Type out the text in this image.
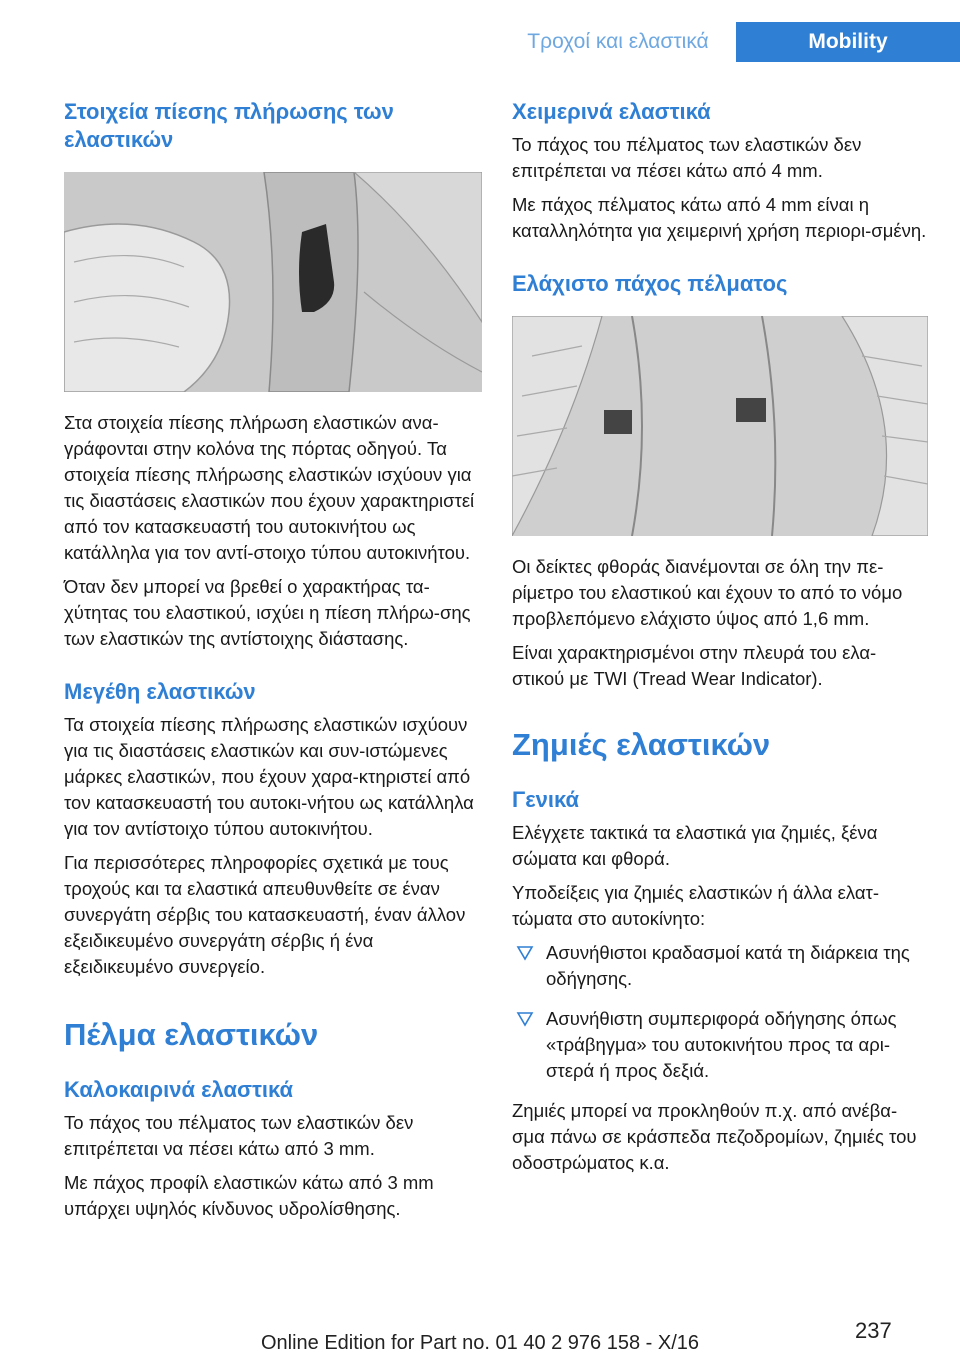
Τροχοί και ελαστικά	Mobility
Στοιχεία πίεσης πλήρωσης των ελαστικών

Στα στοιχεία πίεσης πλήρωση ελαστικών ανα-γράφονται στην κολόνα της πόρτας οδηγού. Τα στοιχεία πίεσης πλήρωσης ελαστικών ισχύουν για τις διαστάσεις ελαστικών που έχουν χαρακτηριστεί από τον κατασκευαστή του αυτοκινήτου ως κατάλληλα για τον αντί-στοιχο τύπου αυτοκινήτου.

Όταν δεν μπορεί να βρεθεί ο χαρακτήρας τα-χύτητας του ελαστικού, ισχύει η πίεση πλήρω-σης των ελαστικών της αντίστοιχης διάστασης.

Μεγέθη ελαστικών

Τα στοιχεία πίεσης πλήρωσης ελαστικών ισχύουν για τις διαστάσεις ελαστικών και συν-ιστώμενες μάρκες ελαστικών, που έχουν χαρα-κτηριστεί από τον κατασκευαστή του αυτοκι-νήτου ως κατάλληλα για τον αντίστοιχο τύπου αυτοκινήτου.

Για περισσότερες πληροφορίες σχετικά με τους τροχούς και τα ελαστικά απευθυνθείτε σε έναν συνεργάτη σέρβις του κατασκευαστή, έναν άλλον εξειδικευμένο συνεργάτη σέρβις ή ένα εξειδικευμένο συνεργείο.

Πέλμα ελαστικών
Καλοκαιρινά ελαστικά

Το πάχος του πέλματος των ελαστικών δεν επιτρέπεται να πέσει κάτω από 3 mm.

Με πάχος προφίλ ελαστικών κάτω από 3 mm υπάρχει υψηλός κίνδυνος υδρολίσθησης.

Χειμερινά ελαστικά

Το πάχος του πέλματος των ελαστικών δεν επιτρέπεται να πέσει κάτω από 4 mm.

Με πάχος πέλματος κάτω από 4 mm είναι η καταλληλότητα για χειμερινή χρήση περιορι-σμένη.

Ελάχιστο πάχος πέλματος

Οι δείκτες φθοράς διανέμονται σε όλη την πε-ρίμετρο του ελαστικού και έχουν το από το νόμο προβλεπόμενο ελάχιστο ύψος από 1,6 mm.

Είναι χαρακτηρισμένοι στην πλευρά του ελα-στικού με TWI (Tread Wear Indicator).

Ζημιές ελαστικών
Γενικά

Ελέγχετε τακτικά τα ελαστικά για ζημιές, ξένα σώματα και φθορά.

Υποδείξεις για ζημιές ελαστικών ή άλλα ελατ-τώματα στο αυτοκίνητο:

Ασυνήθιστοι κραδασμοί κατά τη διάρκεια της οδήγησης.
Ασυνήθιστη συμπεριφορά οδήγησης όπως «τράβηγμα» του αυτοκινήτου προς τα αρι-στερά ή προς δεξιά.

Ζημιές μπορεί να προκληθούν π.χ. από ανέβα-σμα πάνω σε κράσπεδα πεζοδρομίων, ζημιές του οδοστρώματος κ.α.

237
Online Edition for Part no. 01 40 2 976 158 - X/16
